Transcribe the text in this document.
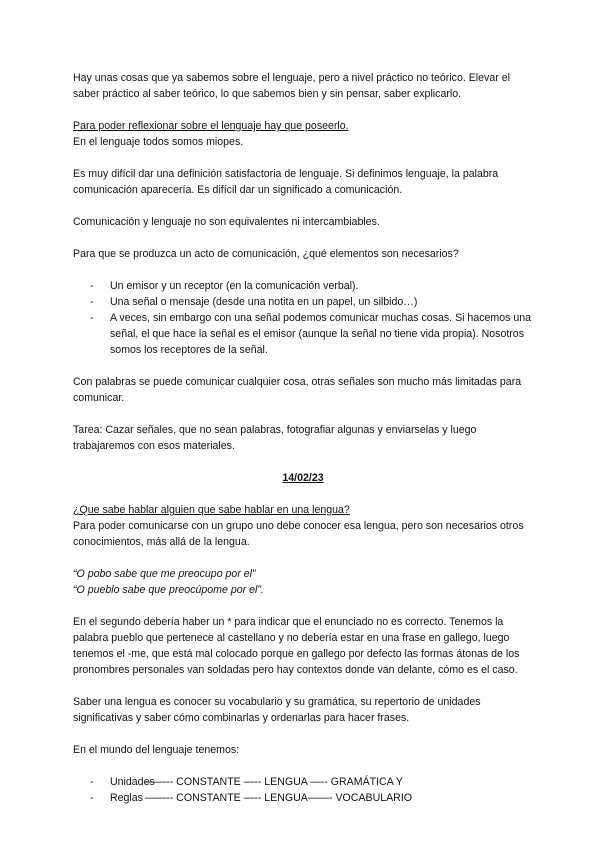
Hay unas cosas que ya sabemos sobre el lenguaje, pero a nivel práctico no teórico. Elevar el saber práctico al saber teórico, lo que sabemos bien y sin pensar, saber explicarlo.

Para poder reflexionar sobre el lenguaje hay que poseerlo.

En el lenguaje todos somos miopes.

Es muy difícil dar una definición satisfactoria de lenguaje. Si definimos lenguaje, la palabra comunicación aparecería. Es difícil dar un significado a comunicación.

Comunicación y lenguaje no son equivalentes ni intercambiables.

Para que se produzca un acto de comunicación, ¿qué elementos son necesarios?

- Un emisor y un receptor (en la comunicación verbal).
- Una señal o mensaje (desde una notita en un papel, un silbido…)
- A veces, sin embargo con una señal podemos comunicar muchas cosas. Si hacemos una señal, el que hace la señal es el emisor (aunque la señal no tiene vida propia). Nosotros somos los receptores de la señal.

Con palabras se puede comunicar cualquier cosa, otras señales son mucho más limitadas para comunicar.

Tarea: Cazar señales, que no sean palabras, fotografiar algunas y enviarselas y luego trabajaremos con esos materiales.

14/02/23

¿Que sabe hablar alguien que sabe hablar en una lengua?

Para poder comunicarse con un grupo uno debe conocer esa lengua, pero son necesarios otros conocimientos, más allá de la lengua.

“O pobo sabe que me preocupo por el”

“O pueblo sabe que preocúpome por el”.

En el segundo debería haber un * para indicar que el enunciado no es correcto. Tenemos la palabra pueblo que pertenece al castellano y no debería estar en una frase en gallego, luego tenemos el -me, que está mal colocado porque en gallego por defecto las formas átonas de los pronombres personales van soldadas pero hay contextos donde van delante, cómo es el caso.

Saber una lengua es conocer su vocabulario y su gramática, su repertorio de unidades significativas y saber cómo combinarlas y ordenarlas para hacer frases.

En el mundo del lenguaje tenemos:

- Unidades——-- CONSTANTE —-- LENGUA —-- GRAMÁTICA Y
- Reglas ——-- CONSTANTE —-- LENGUA——- VOCABULARIO
